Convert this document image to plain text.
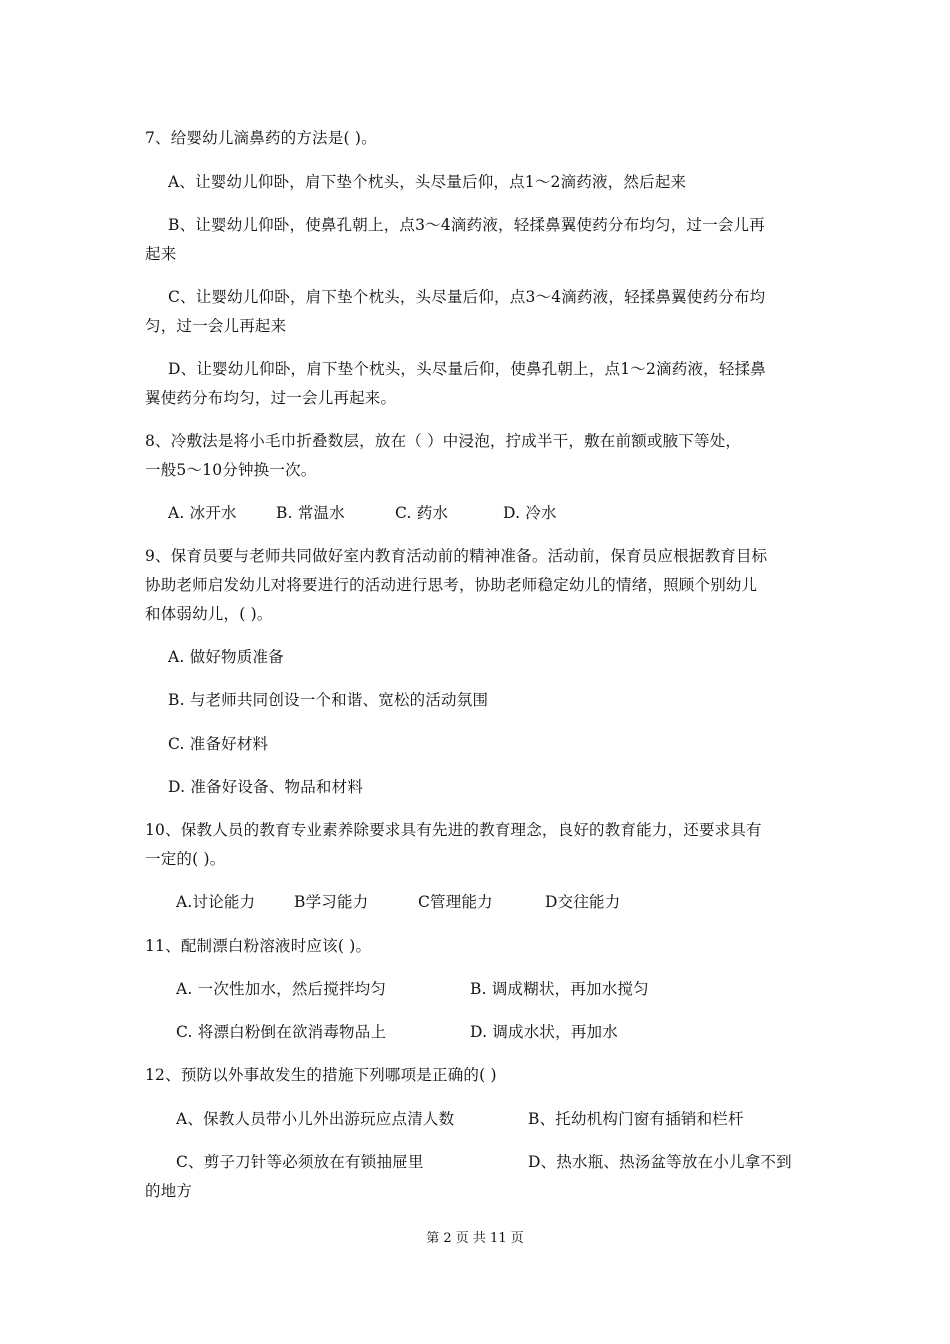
7、给婴幼儿滴鼻药的方法是( )。
A、让婴幼儿仰卧，肩下垫个枕头，头尽量后仰，点1～2滴药液，然后起来
B、让婴幼儿仰卧，使鼻孔朝上，点3～4滴药液，轻揉鼻翼使药分布均匀，过一会儿再
起来
C、让婴幼儿仰卧，肩下垫个枕头，头尽量后仰，点3～4滴药液，轻揉鼻翼使药分布均
匀，过一会儿再起来
D、让婴幼儿仰卧，肩下垫个枕头，头尽量后仰，使鼻孔朝上，点1～2滴药液，轻揉鼻
翼使药分布均匀，过一会儿再起来。
8、冷敷法是将小毛巾折叠数层，放在（ ）中浸泡，拧成半干，敷在前额或腋下等处，
一般5～10分钟换一次。
A. 冰开水	B. 常温水	C. 药水	D. 冷水
9、保育员要与老师共同做好室内教育活动前的精神准备。活动前，保育员应根据教育目标
协助老师启发幼儿对将要进行的活动进行思考，协助老师稳定幼儿的情绪，照顾个别幼儿
和体弱幼儿，( )。
A. 做好物质准备
B. 与老师共同创设一个和谐、宽松的活动氛围
C. 准备好材料
D. 准备好设备、物品和材料
10、保教人员的教育专业素养除要求具有先进的教育理念，良好的教育能力，还要求具有
一定的( )。
A.讨论能力 B学习能力	C管理能力	D交往能力
11、配制漂白粉溶液时应该( )。
A. 一次性加水，然后搅拌均匀	B. 调成糊状，再加水搅匀
C. 将漂白粉倒在欲消毒物品上	D. 调成水状，再加水
12、预防以外事故发生的措施下列哪项是正确的( )
A、保教人员带小儿外出游玩应点清人数	B、托幼机构门窗有插销和栏杆
C、剪子刀针等必须放在有锁抽屉里	D、热水瓶、热汤盆等放在小儿拿不到
的地方
第 2 页 共 11 页
